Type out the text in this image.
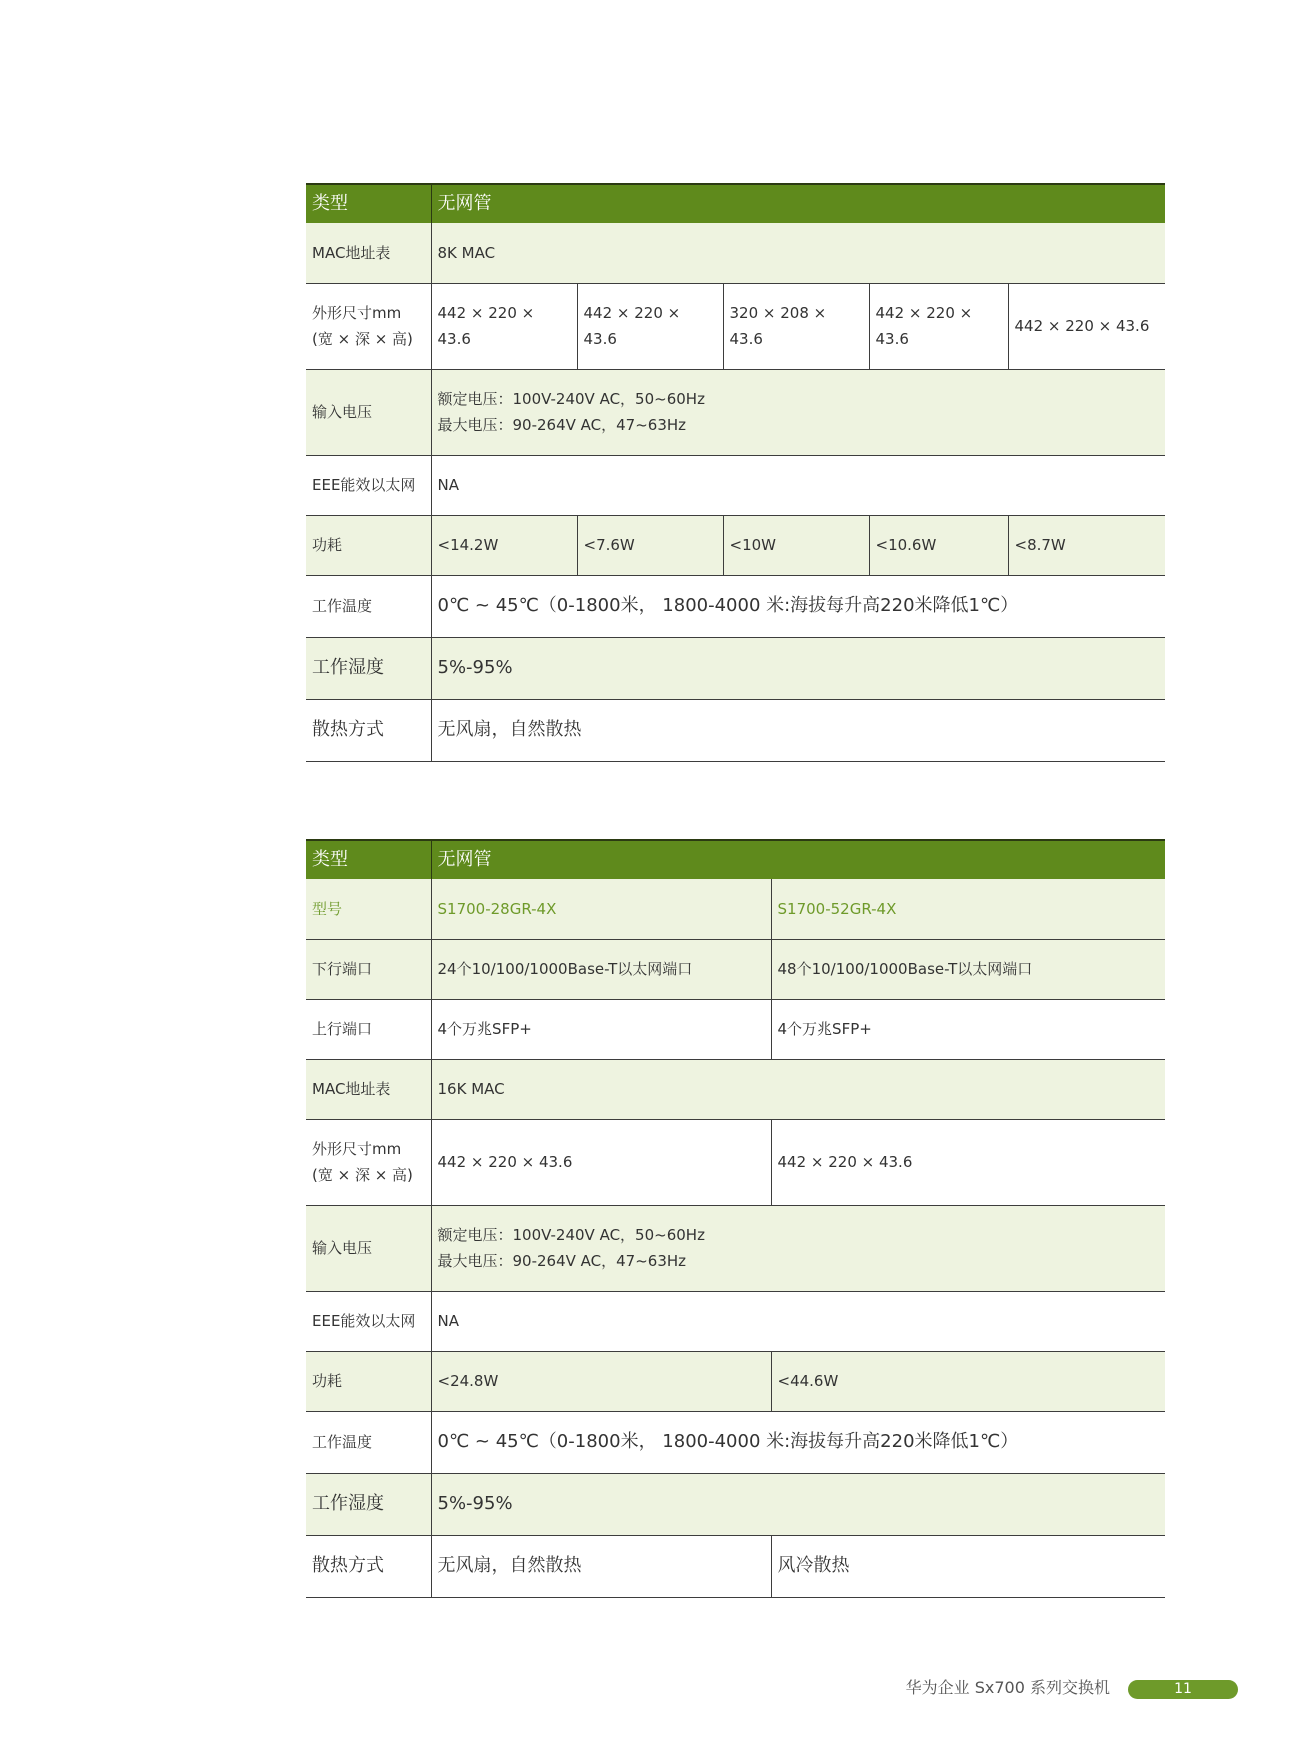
类型	无网管				
MAC地址表	8K MAC				

外形尺寸mm
(宽 × 深 × 高)	442 × 220 × 43.6	442 × 220 × 43.6	320 × 208 × 43.6	442 × 220 × 43.6	442 × 220 × 43.6
输入电压	额定电压：100V-240V AC，50~60Hz
最大电压：90-264V AC，47~63Hz				

EEE能效以太网	NA				
功耗	<14.2W	<7.6W	<10W	<10.6W	<8.7W
工作温度	0℃ ~ 45℃（0-1800米， 1800-4000 米:海拔每升高220米降低1℃）				
工作湿度	5%-95%				
散热方式	无风扇，自然散热				
类型	无网管	
型号	S1700-28GR-4X	S1700-52GR-4X
下行端口	24个10/100/1000Base-T以太网端口	48个10/100/1000Base-T以太网端口
上行端口	4个万兆SFP+	4个万兆SFP+
MAC地址表	16K MAC	

外形尺寸mm
(宽 × 深 × 高)	442 × 220 × 43.6	442 × 220 × 43.6
输入电压	额定电压：100V-240V AC，50~60Hz
最大电压：90-264V AC，47~63Hz	

EEE能效以太网	NA	
功耗	<24.8W	<44.6W
工作温度	0℃ ~ 45℃（0-1800米， 1800-4000 米:海拔每升高220米降低1℃）	
工作湿度	5%-95%	
散热方式	无风扇，自然散热	风冷散热
华为企业 Sx700 系列交换机	11
